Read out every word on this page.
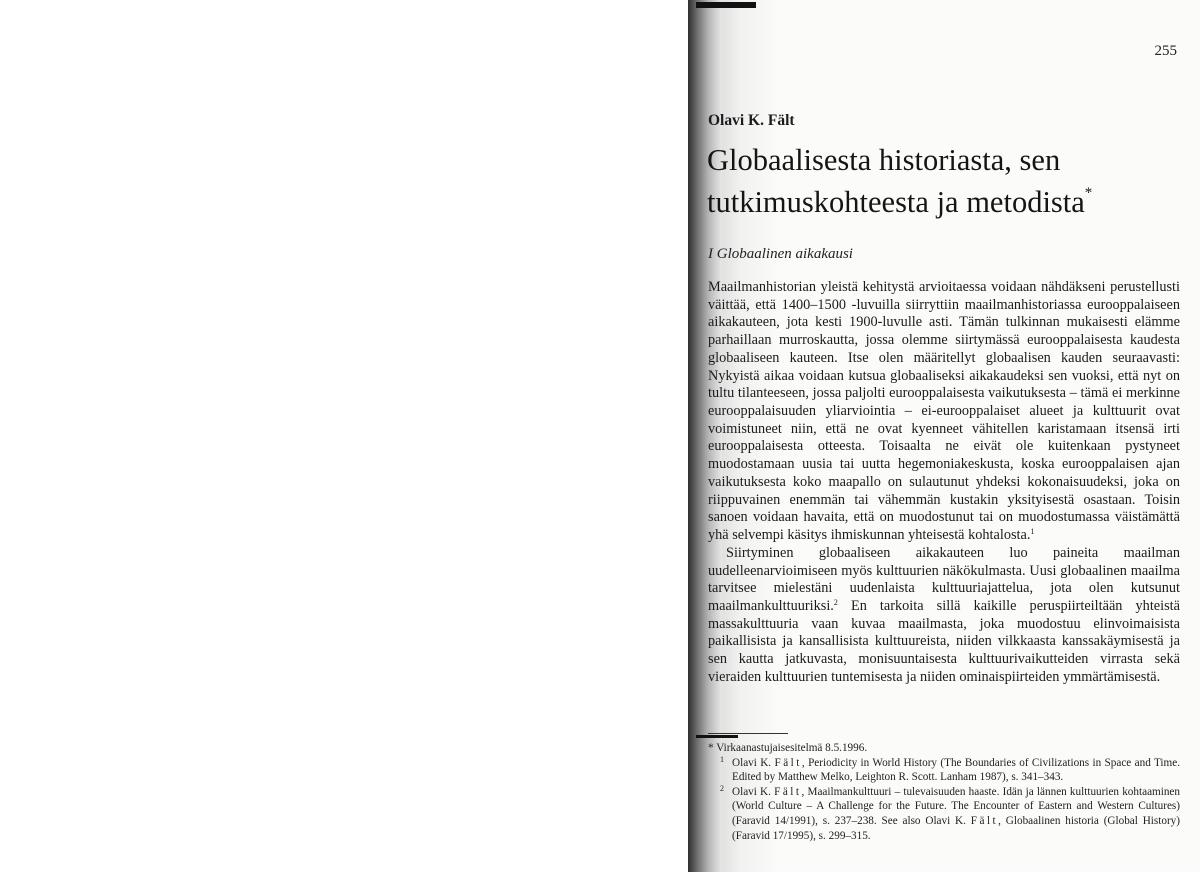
255
Olavi K. Fält
Globaalisesta historiasta, sen tutkimuskohteesta ja metodista*
I Globaalinen aikakausi

Maailmanhistorian yleistä kehitystä arvioitaessa voidaan nähdäkseni perustellusti väittää, että 1400–1500 -luvuilla siirryttiin maailmanhistoriassa eurooppalaiseen aikakauteen, jota kesti 1900-luvulle asti. Tämän tulkinnan mukaisesti elämme parhaillaan murroskautta, jossa olemme siirtymässä eurooppalaisesta kaudesta globaaliseen kauteen. Itse olen määritellyt globaalisen kauden seuraavasti: Nykyistä aikaa voidaan kutsua globaaliseksi aikakaudeksi sen vuoksi, että nyt on tultu tilanteeseen, jossa paljolti eurooppalaisesta vaikutuksesta – tämä ei merkinne eurooppalaisuuden yliarviointia – ei-eurooppalaiset alueet ja kulttuurit ovat voimistuneet niin, että ne ovat kyenneet vähitellen karistamaan itsensä irti eurooppalaisesta otteesta. Toisaalta ne eivät ole kuitenkaan pystyneet muodostamaan uusia tai uutta hegemoniakeskusta, koska eurooppalaisen ajan vaikutuksesta koko maapallo on sulautunut yhdeksi kokonaisuudeksi, joka on riippuvainen enemmän tai vähemmän kustakin yksityisestä osastaan. Toisin sanoen voidaan havaita, että on muodostunut tai on muodostumassa väistämättä yhä selvempi käsitys ihmiskunnan yhteisestä kohtalosta.$^1$

Siirtyminen globaaliseen aikakauteen luo paineita maailman uudelleenarvioimiseen myös kulttuurien näkökulmasta. Uusi globaalinen maailma tarvitsee mielestäni uudenlaista kulttuuriajattelua, jota olen kutsunut maailmankulttuuriksi.$^2$ En tarkoita sillä kaikille peruspiirteiltään yhteistä massakulttuuria vaan kuvaa maailmasta, joka muodostuu elinvoimaisista paikallisista ja kansallisista kulttuureista, niiden vilkkaasta kanssakäymisestä ja sen kautta jatkuvasta, monisuuntaisesta kulttuurivaikutteiden virrasta sekä vieraiden kulttuurien tuntemisesta ja niiden ominaispiirteiden ymmärtämisestä.

* Virkaanastujaisesitelmä 8.5.1996.
1 Olavi K. Fält, Periodicity in World History (The Boundaries of Civilizations in Space and Time. Edited by Matthew Melko, Leighton R. Scott. Lanham 1987), s. 341–343.
2 Olavi K. Fält, Maailmankulttuuri – tulevaisuuden haaste. Idän ja lännen kulttuurien kohtaaminen (World Culture – A Challenge for the Future. The Encounter of Eastern and Western Cultures) (Faravid 14/1991), s. 237–238. See also Olavi K. Fält, Globaalinen historia (Global History) (Faravid 17/1995), s. 299–315.
